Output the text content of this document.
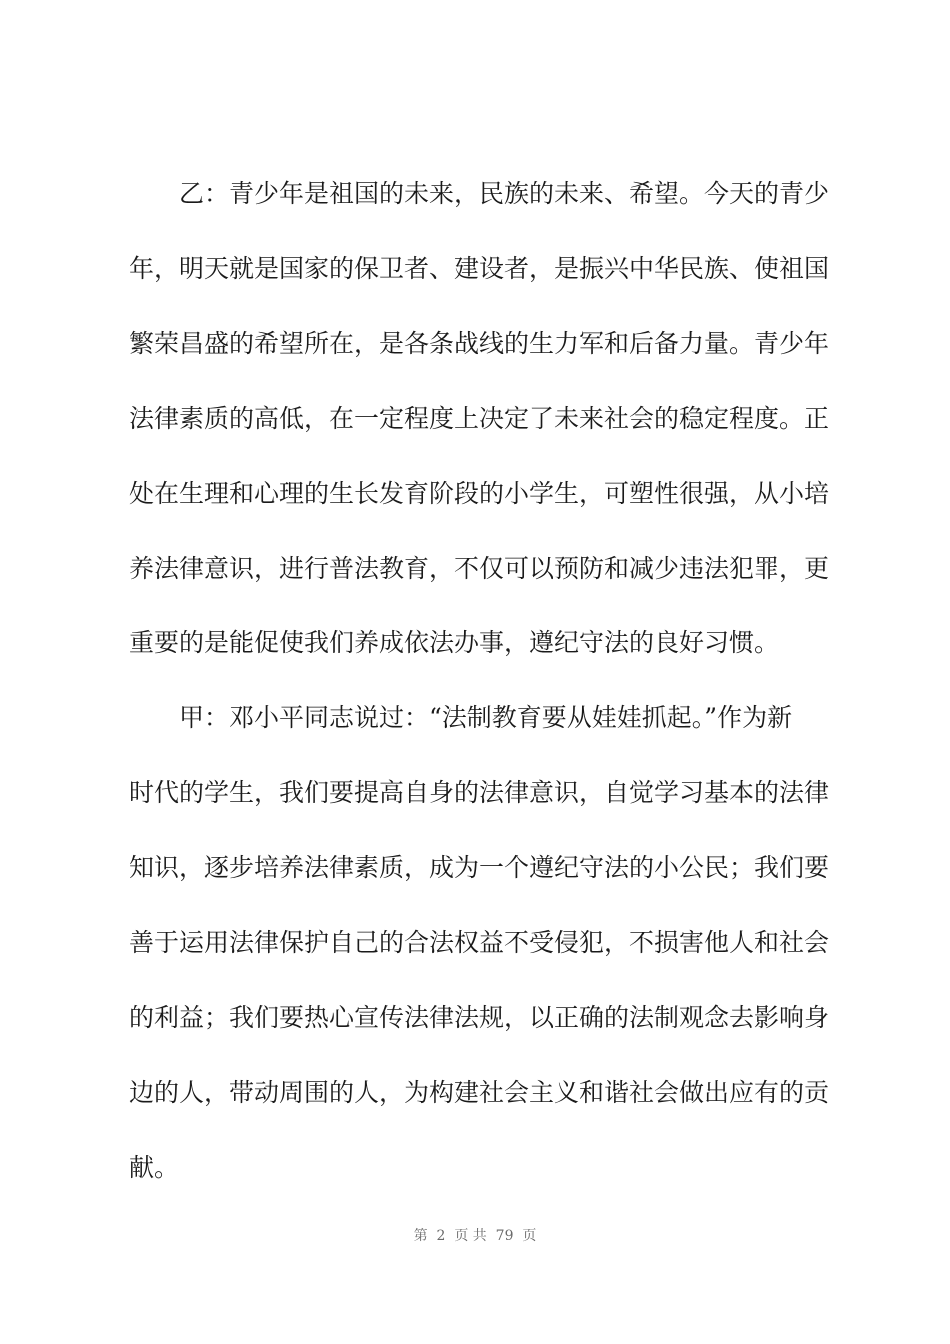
乙：青少年是祖国的未来，民族的未来、希望。今天的青少
年，明天就是国家的保卫者、建设者，是振兴中华民族、使祖国
繁荣昌盛的希望所在，是各条战线的生力军和后备力量。青少年
法律素质的高低，在一定程度上决定了未来社会的稳定程度。正
处在生理和心理的生长发育阶段的小学生，可塑性很强，从小培
养法律意识，进行普法教育，不仅可以预防和减少违法犯罪，更
重要的是能促使我们养成依法办事，遵纪守法的良好习惯。
甲：邓小平同志说过：“法制教育要从娃娃抓起。”作为新
时代的学生，我们要提高自身的法律意识，自觉学习基本的法律
知识，逐步培养法律素质，成为一个遵纪守法的小公民；我们要
善于运用法律保护自己的合法权益不受侵犯，不损害他人和社会
的利益；我们要热心宣传法律法规，以正确的法制观念去影响身
边的人，带动周围的人，为构建社会主义和谐社会做出应有的贡
献。
第  2  页 共  79  页
